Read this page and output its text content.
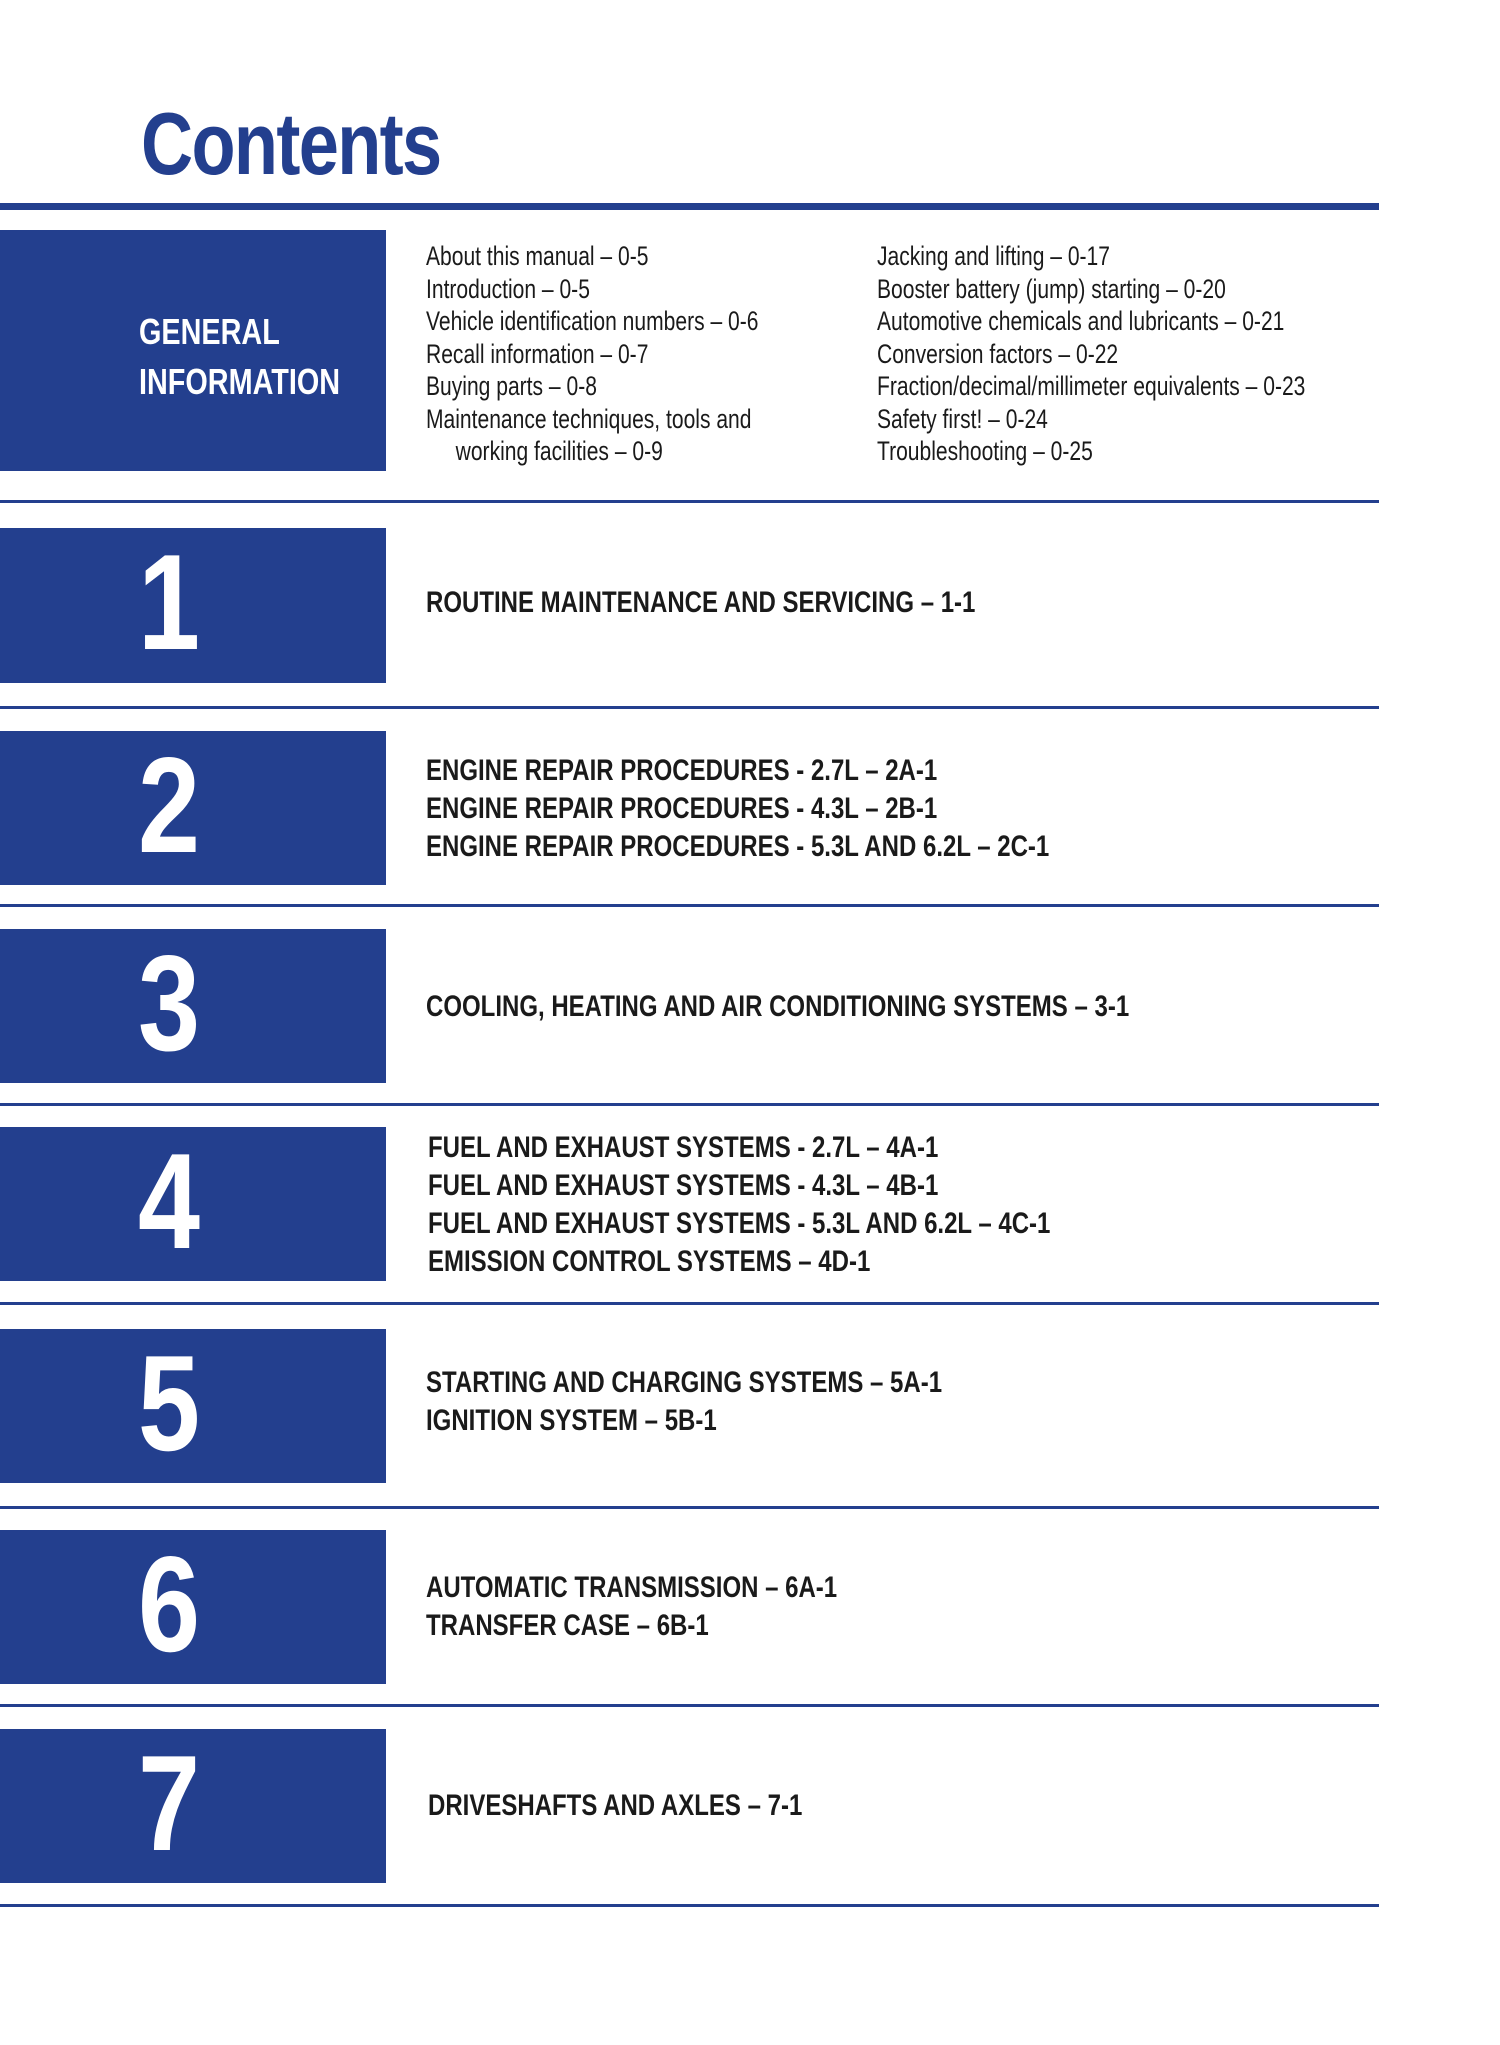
Contents
GENERAL
INFORMATION
About this manual – 0-5
Introduction – 0-5
Vehicle identification numbers – 0-6
Recall information – 0-7
Buying parts – 0-8
Maintenance techniques, tools and
working facilities – 0-9
Jacking and lifting – 0-17
Booster battery (jump) starting – 0-20
Automotive chemicals and lubricants – 0-21
Conversion factors – 0-22
Fraction/decimal/millimeter equivalents – 0-23
Safety first! – 0-24
Troubleshooting – 0-25
1	ROUTINE MAINTENANCE AND SERVICING – 1-1
2	ENGINE REPAIR PROCEDURES - 2.7L – 2A-1
ENGINE REPAIR PROCEDURES - 4.3L – 2B-1
ENGINE REPAIR PROCEDURES - 5.3L AND 6.2L – 2C-1
3	COOLING, HEATING AND AIR CONDITIONING SYSTEMS – 3-1
4	FUEL AND EXHAUST SYSTEMS - 2.7L – 4A-1
FUEL AND EXHAUST SYSTEMS - 4.3L – 4B-1
FUEL AND EXHAUST SYSTEMS - 5.3L AND 6.2L – 4C-1
EMISSION CONTROL SYSTEMS – 4D-1
5	STARTING AND CHARGING SYSTEMS – 5A-1
IGNITION SYSTEM – 5B-1
6	AUTOMATIC TRANSMISSION – 6A-1
TRANSFER CASE – 6B-1
7	DRIVESHAFTS AND AXLES – 7-1
